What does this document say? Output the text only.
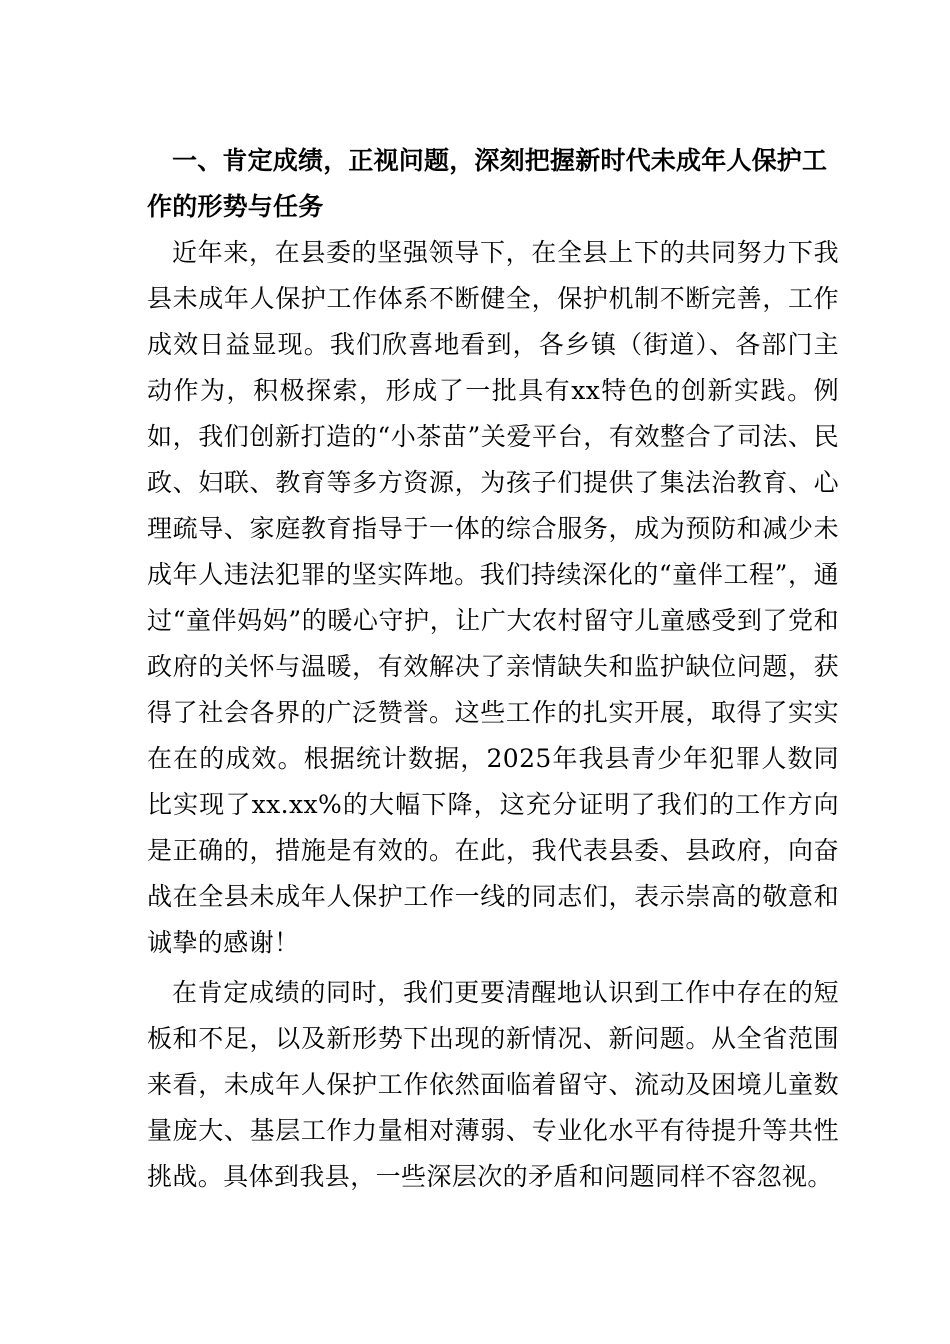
一、肯定成绩，正视问题，深刻把握新时代未成年人保护工作的形势与任务

近年来，在县委的坚强领导下，在全县上下的共同努力下我县未成年人保护工作体系不断健全，保护机制不断完善，工作成效日益显现。我们欣喜地看到，各乡镇（街道）、各部门主动作为，积极探索，形成了一批具有xx特色的创新实践。例如，我们创新打造的“小茶苗”关爱平台，有效整合了司法、民政、妇联、教育等多方资源，为孩子们提供了集法治教育、心理疏导、家庭教育指导于一体的综合服务，成为预防和减少未成年人违法犯罪的坚实阵地。我们持续深化的“童伴工程”，通过“童伴妈妈”的暖心守护，让广大农村留守儿童感受到了党和政府的关怀与温暖，有效解决了亲情缺失和监护缺位问题，获得了社会各界的广泛赞誉。这些工作的扎实开展，取得了实实在在的成效。根据统计数据，2025年我县青少年犯罪人数同比实现了xx.xx%的大幅下降，这充分证明了我们的工作方向是正确的，措施是有效的。在此，我代表县委、县政府，向奋战在全县未成年人保护工作一线的同志们，表示崇高的敬意和诚挚的感谢！

在肯定成绩的同时，我们更要清醒地认识到工作中存在的短板和不足，以及新形势下出现的新情况、新问题。从全省范围来看，未成年人保护工作依然面临着留守、流动及困境儿童数量庞大、基层工作力量相对薄弱、专业化水平有待提升等共性挑战。具体到我县，一些深层次的矛盾和问题同样不容忽视。
